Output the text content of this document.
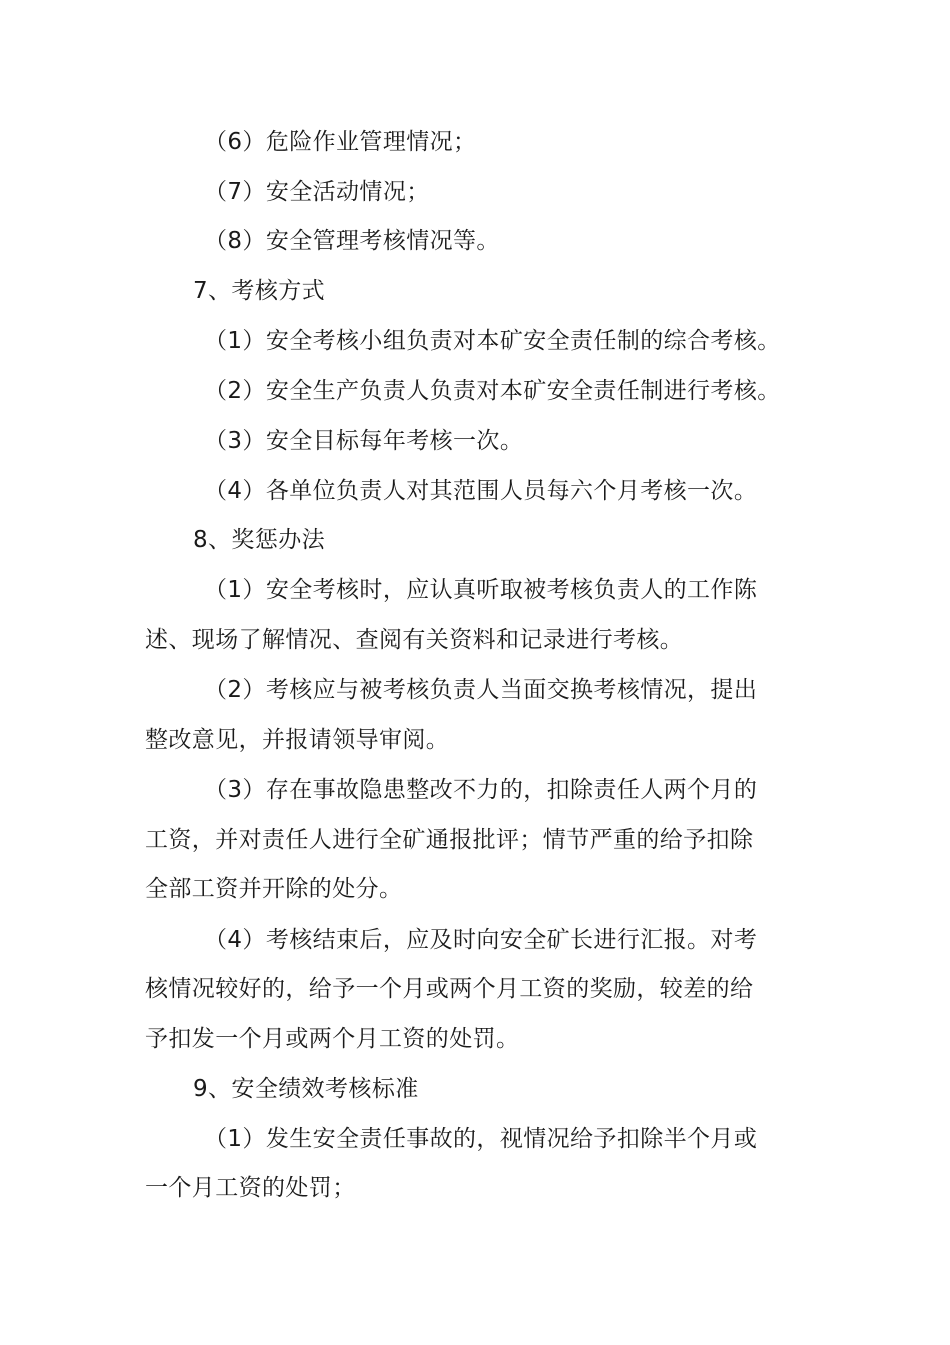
（6）危险作业管理情况；
（7）安全活动情况；
（8）安全管理考核情况等。
7、考核方式
（1）安全考核小组负责对本矿安全责任制的综合考核。
（2）安全生产负责人负责对本矿安全责任制进行考核。
（3）安全目标每年考核一次。
（4）各单位负责人对其范围人员每六个月考核一次。
8、奖惩办法
（1）安全考核时，应认真听取被考核负责人的工作陈
述、现场了解情况、查阅有关资料和记录进行考核。
（2）考核应与被考核负责人当面交换考核情况，提出
整改意见，并报请领导审阅。
（3）存在事故隐患整改不力的，扣除责任人两个月的
工资，并对责任人进行全矿通报批评；情节严重的给予扣除
全部工资并开除的处分。
（4）考核结束后，应及时向安全矿长进行汇报。对考
核情况较好的，给予一个月或两个月工资的奖励，较差的给
予扣发一个月或两个月工资的处罚。
9、安全绩效考核标准
（1）发生安全责任事故的，视情况给予扣除半个月或
一个月工资的处罚；
